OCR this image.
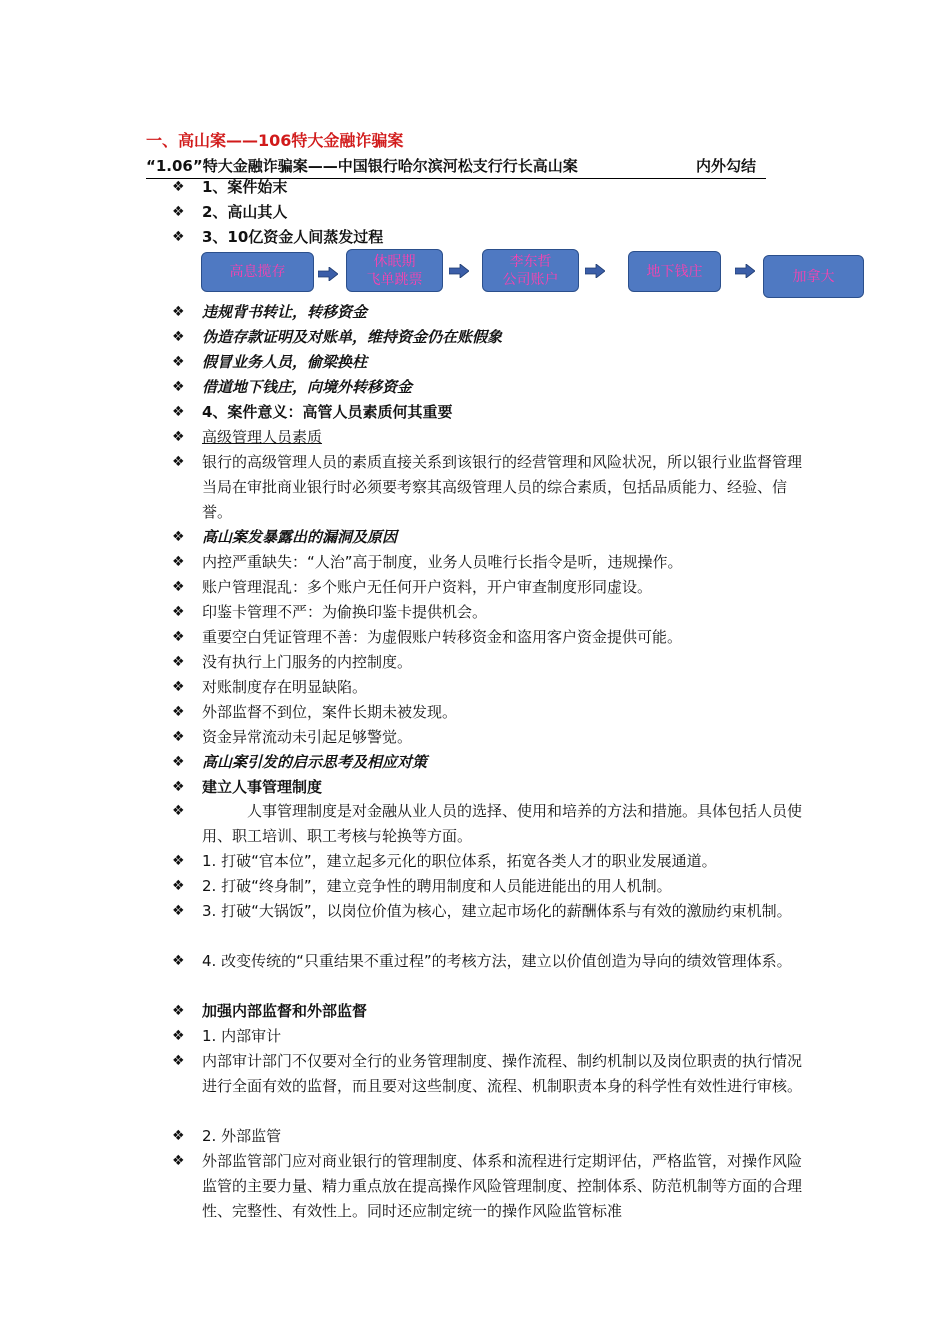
一、高山案——106特大金融诈骗案
“1.06”特大金融诈骗案——中国银行哈尔滨河松支行行长高山案	内外勾结
❖ 1、案件始末
❖ 2、高山其人
❖ 3、10亿资金人间蒸发过程
❖ 违规背书转让，转移资金
❖ 伪造存款证明及对账单，维持资金仍在账假象
❖ 假冒业务人员，偷梁换柱
❖ 借道地下钱庄，向境外转移资金
❖ 4、案件意义：高管人员素质何其重要
❖ 高级管理人员素质
❖ 银行的高级管理人员的素质直接关系到该银行的经营管理和风险状况，所以银行业监督管理当局在审批商业银行时必须要考察其高级管理人员的综合素质，包括品质能力、经验、信誉。
❖ 高山案发暴露出的漏洞及原因
❖ 内控严重缺失：“人治”高于制度，业务人员唯行长指令是听，违规操作。
❖ 账户管理混乱：多个账户无任何开户资料，开户审查制度形同虚设。
❖ 印鉴卡管理不严：为偷换印鉴卡提供机会。
❖ 重要空白凭证管理不善：为虚假账户转移资金和盗用客户资金提供可能。
❖ 没有执行上门服务的内控制度。
❖ 对账制度存在明显缺陷。
❖ 外部监督不到位，案件长期未被发现。
❖ 资金异常流动未引起足够警觉。
❖ 高山案引发的启示思考及相应对策
❖ 建立人事管理制度
❖ 　　　人事管理制度是对金融从业人员的选择、使用和培养的方法和措施。具体包括人员使用、职工培训、职工考核与轮换等方面。
❖ 1. 打破“官本位”，建立起多元化的职位体系，拓宽各类人才的职业发展通道。
❖ 2. 打破“终身制”，建立竞争性的聘用制度和人员能进能出的用人机制。
❖ 3. 打破“大锅饭”，以岗位价值为核心，建立起市场化的薪酬体系与有效的激励约束机制。
❖ 4. 改变传统的“只重结果不重过程”的考核方法，建立以价值创造为导向的绩效管理体系。
❖ 加强内部监督和外部监督
❖ 1. 内部审计
❖ 内部审计部门不仅要对全行的业务管理制度、操作流程、制约机制以及岗位职责的执行情况进行全面有效的监督，而且要对这些制度、流程、机制职责本身的科学性有效性进行审核。
❖ 2. 外部监管
❖ 外部监管部门应对商业银行的管理制度、体系和流程进行定期评估，严格监管，对操作风险监管的主要力量、精力重点放在提高操作风险管理制度、控制体系、防范机制等方面的合理性、完整性、有效性上。同时还应制定统一的操作风险监管标准
高息揽存
休眠期
飞单跳票
李东哲
公司账户	地下钱庄	加拿大
